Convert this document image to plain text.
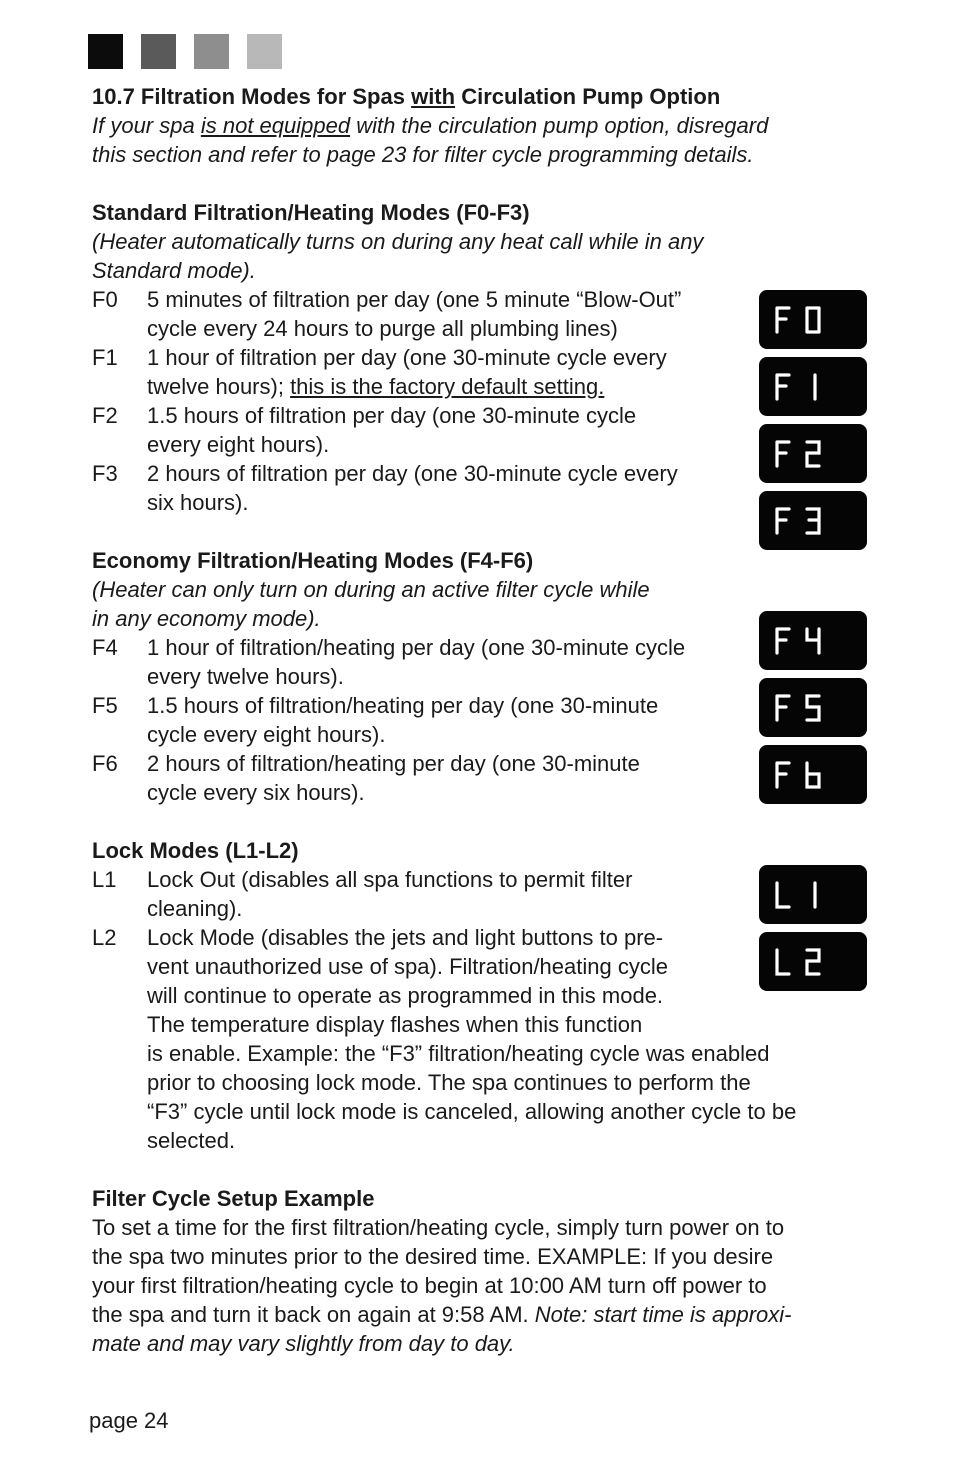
10.7 Filtration Modes for Spas with Circulation Pump Option
If your spa is not equipped with the circulation pump option, disregard
this section and refer to page 23 for filter cycle programming details.
Standard Filtration/Heating Modes (F0-F3)
(Heater automatically turns on during any heat call while in any
Standard mode).
F0	5 minutes of filtration per day (one 5 minute “Blow-Out”
cycle every 24 hours to purge all plumbing lines)
F1	1 hour of filtration per day (one 30-minute cycle every
twelve hours); this is the factory default setting.
F2	1.5 hours of filtration per day (one 30-minute cycle
every eight hours).
F3	2 hours of filtration per day (one 30-minute cycle every
six hours).
Economy Filtration/Heating Modes (F4-F6)
(Heater can only turn on during an active filter cycle while
in any economy mode).
F4	1 hour of filtration/heating per day (one 30-minute cycle
every twelve hours).
F5	1.5 hours of filtration/heating per day (one 30-minute
cycle every eight hours).
F6	2 hours of filtration/heating per day (one 30-minute
cycle every six hours).
Lock Modes (L1-L2)
L1	Lock Out (disables all spa functions to permit filter
cleaning).
L2	Lock Mode (disables the jets and light buttons to pre-
vent unauthorized use of spa). Filtration/heating cycle
will continue to operate as programmed in this mode.
The temperature display flashes when this function
is enable. Example: the “F3” filtration/heating cycle was enabled
prior to choosing lock mode. The spa continues to perform the
“F3” cycle until lock mode is canceled, allowing another cycle to be
selected.
Filter Cycle Setup Example
To set a time for the first filtration/heating cycle, simply turn power on to
the spa two minutes prior to the desired time. EXAMPLE: If you desire
your first filtration/heating cycle to begin at 10:00 AM turn off power to
the spa and turn it back on again at 9:58 AM. Note: start time is approxi-
mate and may vary slightly from day to day.
page 24
